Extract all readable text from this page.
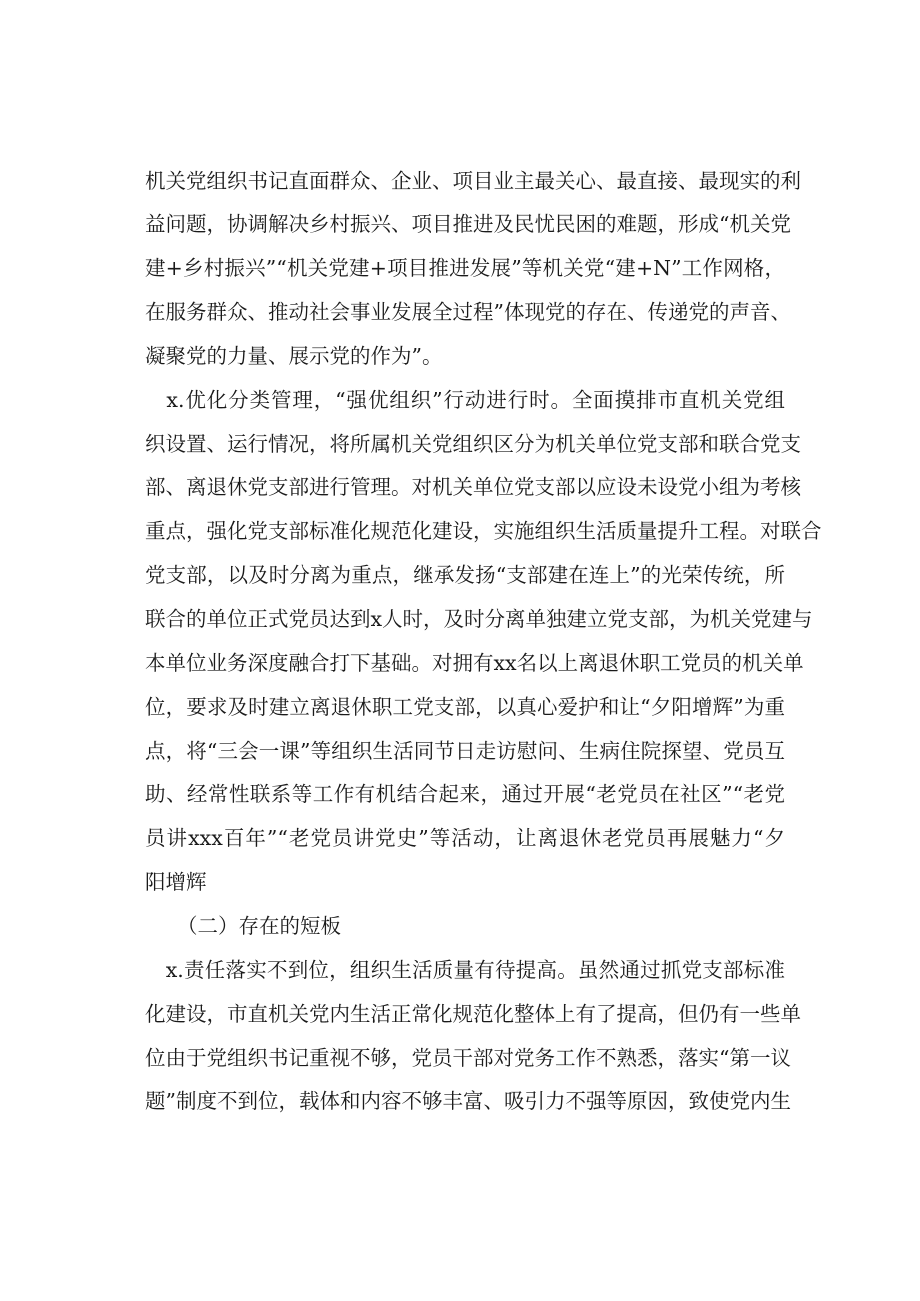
机关党组织书记直面群众、企业、项目业主最关心、最直接、最现实的利
益问题，协调解决乡村振兴、项目推进及民忧民困的难题，形成“机关党
建+乡村振兴”“机关党建+项目推进发展”等机关党“建+N”工作网格，
在服务群众、推动社会事业发展全过程”体现党的存在、传递党的声音、
凝聚党的力量、展示党的作为”。
　x.优化分类管理，“强优组织”行动进行时。全面摸排市直机关党组
织设置、运行情况，将所属机关党组织区分为机关单位党支部和联合党支
部、离退休党支部进行管理。对机关单位党支部以应设未设党小组为考核
重点，强化党支部标准化规范化建设，实施组织生活质量提升工程。对联合
党支部，以及时分离为重点，继承发扬“支部建在连上”的光荣传统，所
联合的单位正式党员达到x人时，及时分离单独建立党支部，为机关党建与
本单位业务深度融合打下基础。对拥有xx名以上离退休职工党员的机关单
位，要求及时建立离退休职工党支部，以真心爱护和让“夕阳增辉”为重
点，将“三会一课”等组织生活同节日走访慰问、生病住院探望、党员互
助、经常性联系等工作有机结合起来，通过开展“老党员在社区”“老党
员讲xxx百年”“老党员讲党史”等活动，让离退休老党员再展魅力“夕
阳增辉
（二）存在的短板
　x.责任落实不到位，组织生活质量有待提高。虽然通过抓党支部标准
化建设，市直机关党内生活正常化规范化整体上有了提高，但仍有一些单
位由于党组织书记重视不够，党员干部对党务工作不熟悉，落实“第一议
题”制度不到位，载体和内容不够丰富、吸引力不强等原因，致使党内生
